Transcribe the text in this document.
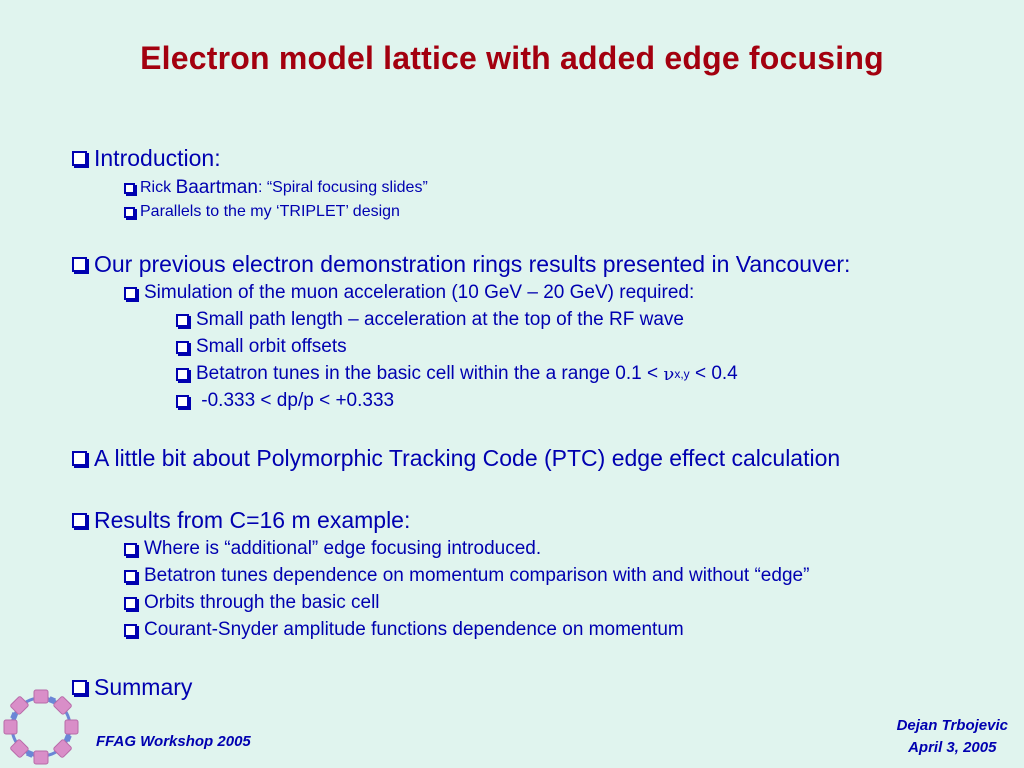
Electron model lattice with added edge focusing
Introduction:
Rick Baartman : “Spiral focusing slides”
Parallels to the my ‘TRIPLET’ design
Our previous electron demonstration rings results presented in Vancouver:
Simulation of the muon acceleration (10 GeV – 20 GeV) required:
Small path length – acceleration at the top of the RF wave
Small orbit offsets
Betatron tunes in the basic cell within the a range 0.1 < ν x,y < 0.4
-0.333 < dp/p < +0.333
A little bit about Polymorphic Tracking Code (PTC) edge effect calculation
Results from C=16 m example:
Where is “additional” edge focusing introduced.
Betatron tunes dependence on momentum comparison with and without “edge”
Orbits through the basic cell
Courant-Snyder amplitude functions dependence on momentum
Summary
FFAG Workshop 2005
Dejan Trbojevic
April 3, 2005
